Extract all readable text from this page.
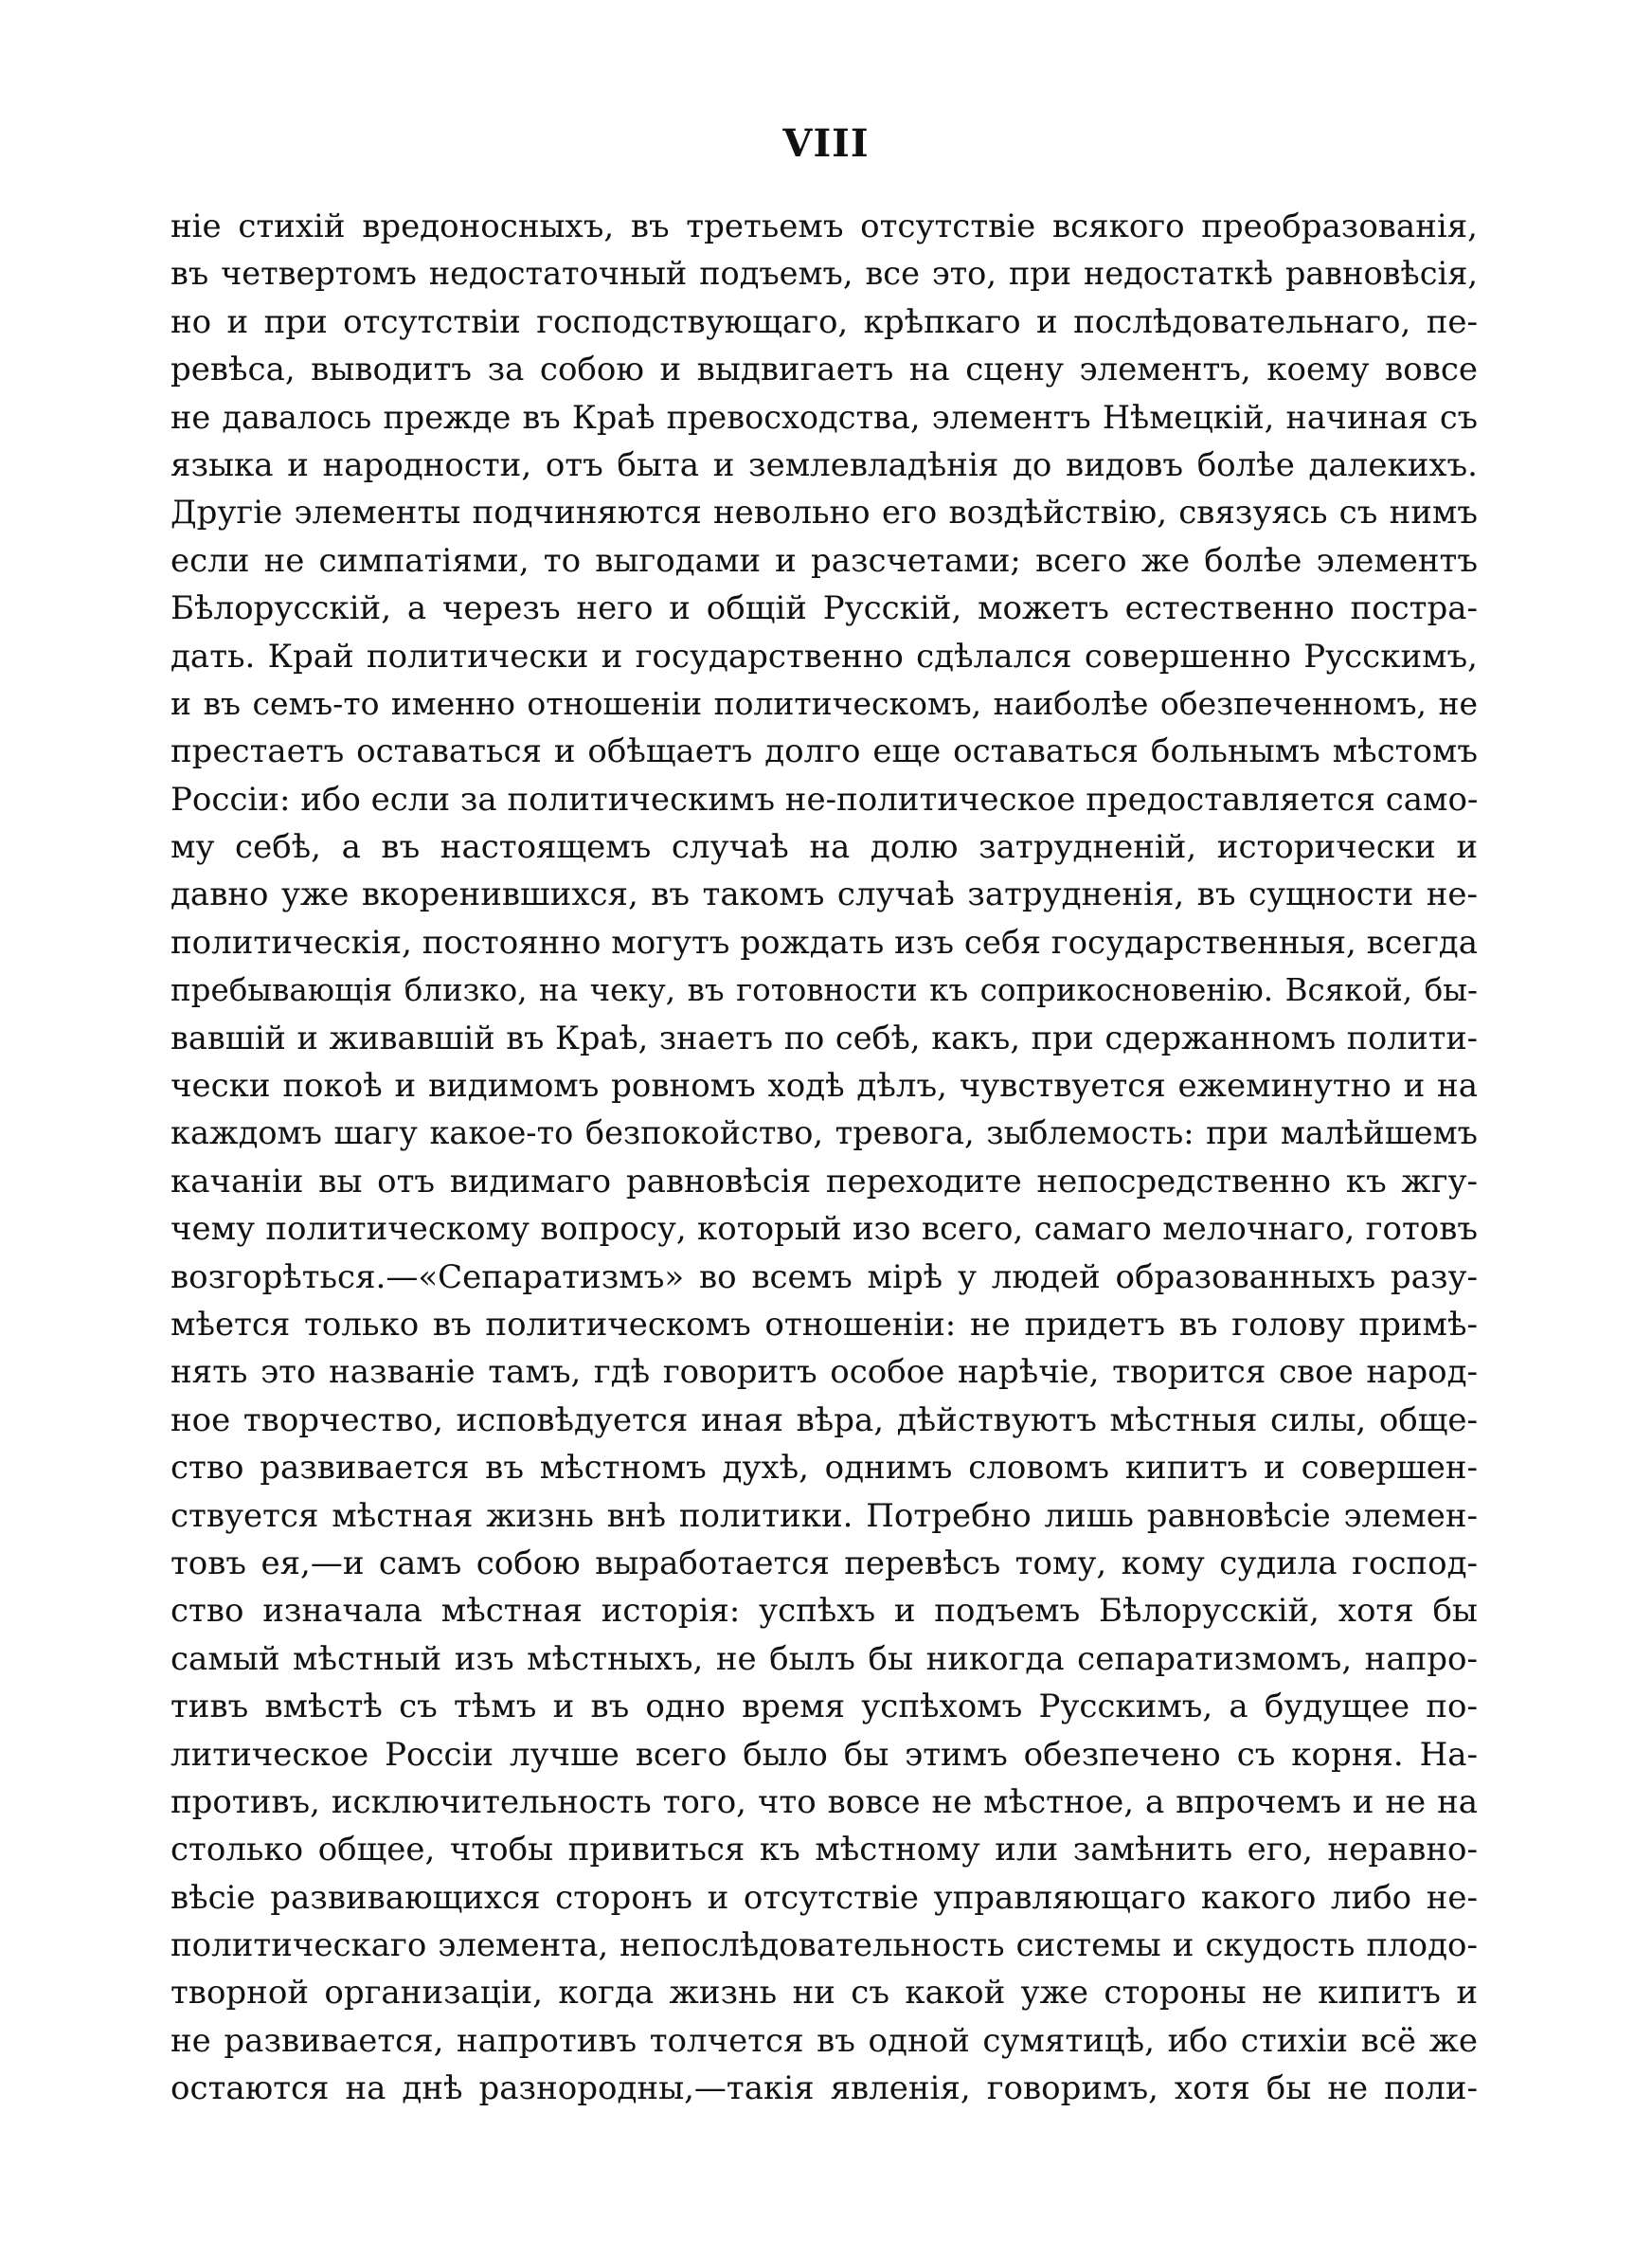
VIII
ніе стихій вредоносныхъ, въ третьемъ отсутствіе всякого преобразованія,
въ четвертомъ недостаточный подъемъ, все это, при недостаткѣ равновѣсія,
но и при отсутствіи господствующаго, крѣпкаго и послѣдовательнаго, пе-
ревѣса, выводитъ за собою и выдвигаетъ на сцену элементъ, коему вовсе
не давалось прежде въ Краѣ превосходства, элементъ Нѣмецкій, начиная съ
языка и народности, отъ быта и землевладѣнія до видовъ болѣе далекихъ.
Другіе элементы подчиняются невольно его воздѣйствію, связуясь съ нимъ
если не симпатіями, то выгодами и разсчетами; всего же болѣе элементъ
Бѣлорусскій, а черезъ него и общій Русскій, можетъ естественно постра-
дать. Край политически и государственно сдѣлался совершенно Русскимъ,
и въ семъ-то именно отношеніи политическомъ, наиболѣе обезпеченномъ, не
престаетъ оставаться и обѣщаетъ долго еще оставаться больнымъ мѣстомъ
Россіи: ибо если за политическимъ не-политическое предоставляется само-
му себѣ, а въ настоящемъ случаѣ на долю затрудненій, исторически и
давно уже вкоренившихся, въ такомъ случаѣ затрудненія, въ сущности не-
политическія, постоянно могутъ рождать изъ себя государственныя, всегда
пребывающія близко, на чеку, въ готовности къ соприкосновенію. Всякой, бы-
вавшій и живавшій въ Краѣ, знаетъ по себѣ, какъ, при сдержанномъ полити-
чески покоѣ и видимомъ ровномъ ходѣ дѣлъ, чувствуется ежеминутно и на
каждомъ шагу какое-то безпокойство, тревога, зыблемость: при малѣйшемъ
качаніи вы отъ видимаго равновѣсія переходите непосредственно къ жгу-
чему политическому вопросу, который изо всего, самаго мелочнаго, готовъ
возгорѣться.—«Сепаратизмъ» во всемъ мірѣ у людей образованныхъ разу-
мѣется только въ политическомъ отношеніи: не придетъ въ голову примѣ-
нять это названіе тамъ, гдѣ говоритъ особое нарѣчіе, творится свое народ-
ное творчество, исповѣдуется иная вѣра, дѣйствуютъ мѣстныя силы, обще-
ство развивается въ мѣстномъ духѣ, однимъ словомъ кипитъ и совершен-
ствуется мѣстная жизнь внѣ политики. Потребно лишь равновѣсіе элемен-
товъ ея,—и самъ собою выработается перевѣсъ тому, кому судила господ-
ство изначала мѣстная исторія: успѣхъ и подъемъ Бѣлорусскій, хотя бы
самый мѣстный изъ мѣстныхъ, не былъ бы никогда сепаратизмомъ, напро-
тивъ вмѣстѣ съ тѣмъ и въ одно время успѣхомъ Русскимъ, а будущее по-
литическое Россіи лучше всего было бы этимъ обезпечено съ корня. На-
противъ, исключительность того, что вовсе не мѣстное, а впрочемъ и не на
столько общее, чтобы привиться къ мѣстному или замѣнить его, неравно-
вѣсіе развивающихся сторонъ и отсутствіе управляющаго какого либо не-
политическаго элемента, непослѣдовательность системы и скудость плодо-
творной организаціи, когда жизнь ни съ какой уже стороны не кипитъ и
не развивается, напротивъ толчется въ одной сумятицѣ, ибо стихіи всё же
остаются на днѣ разнородны,—такія явленія, говоримъ, хотя бы не поли-
